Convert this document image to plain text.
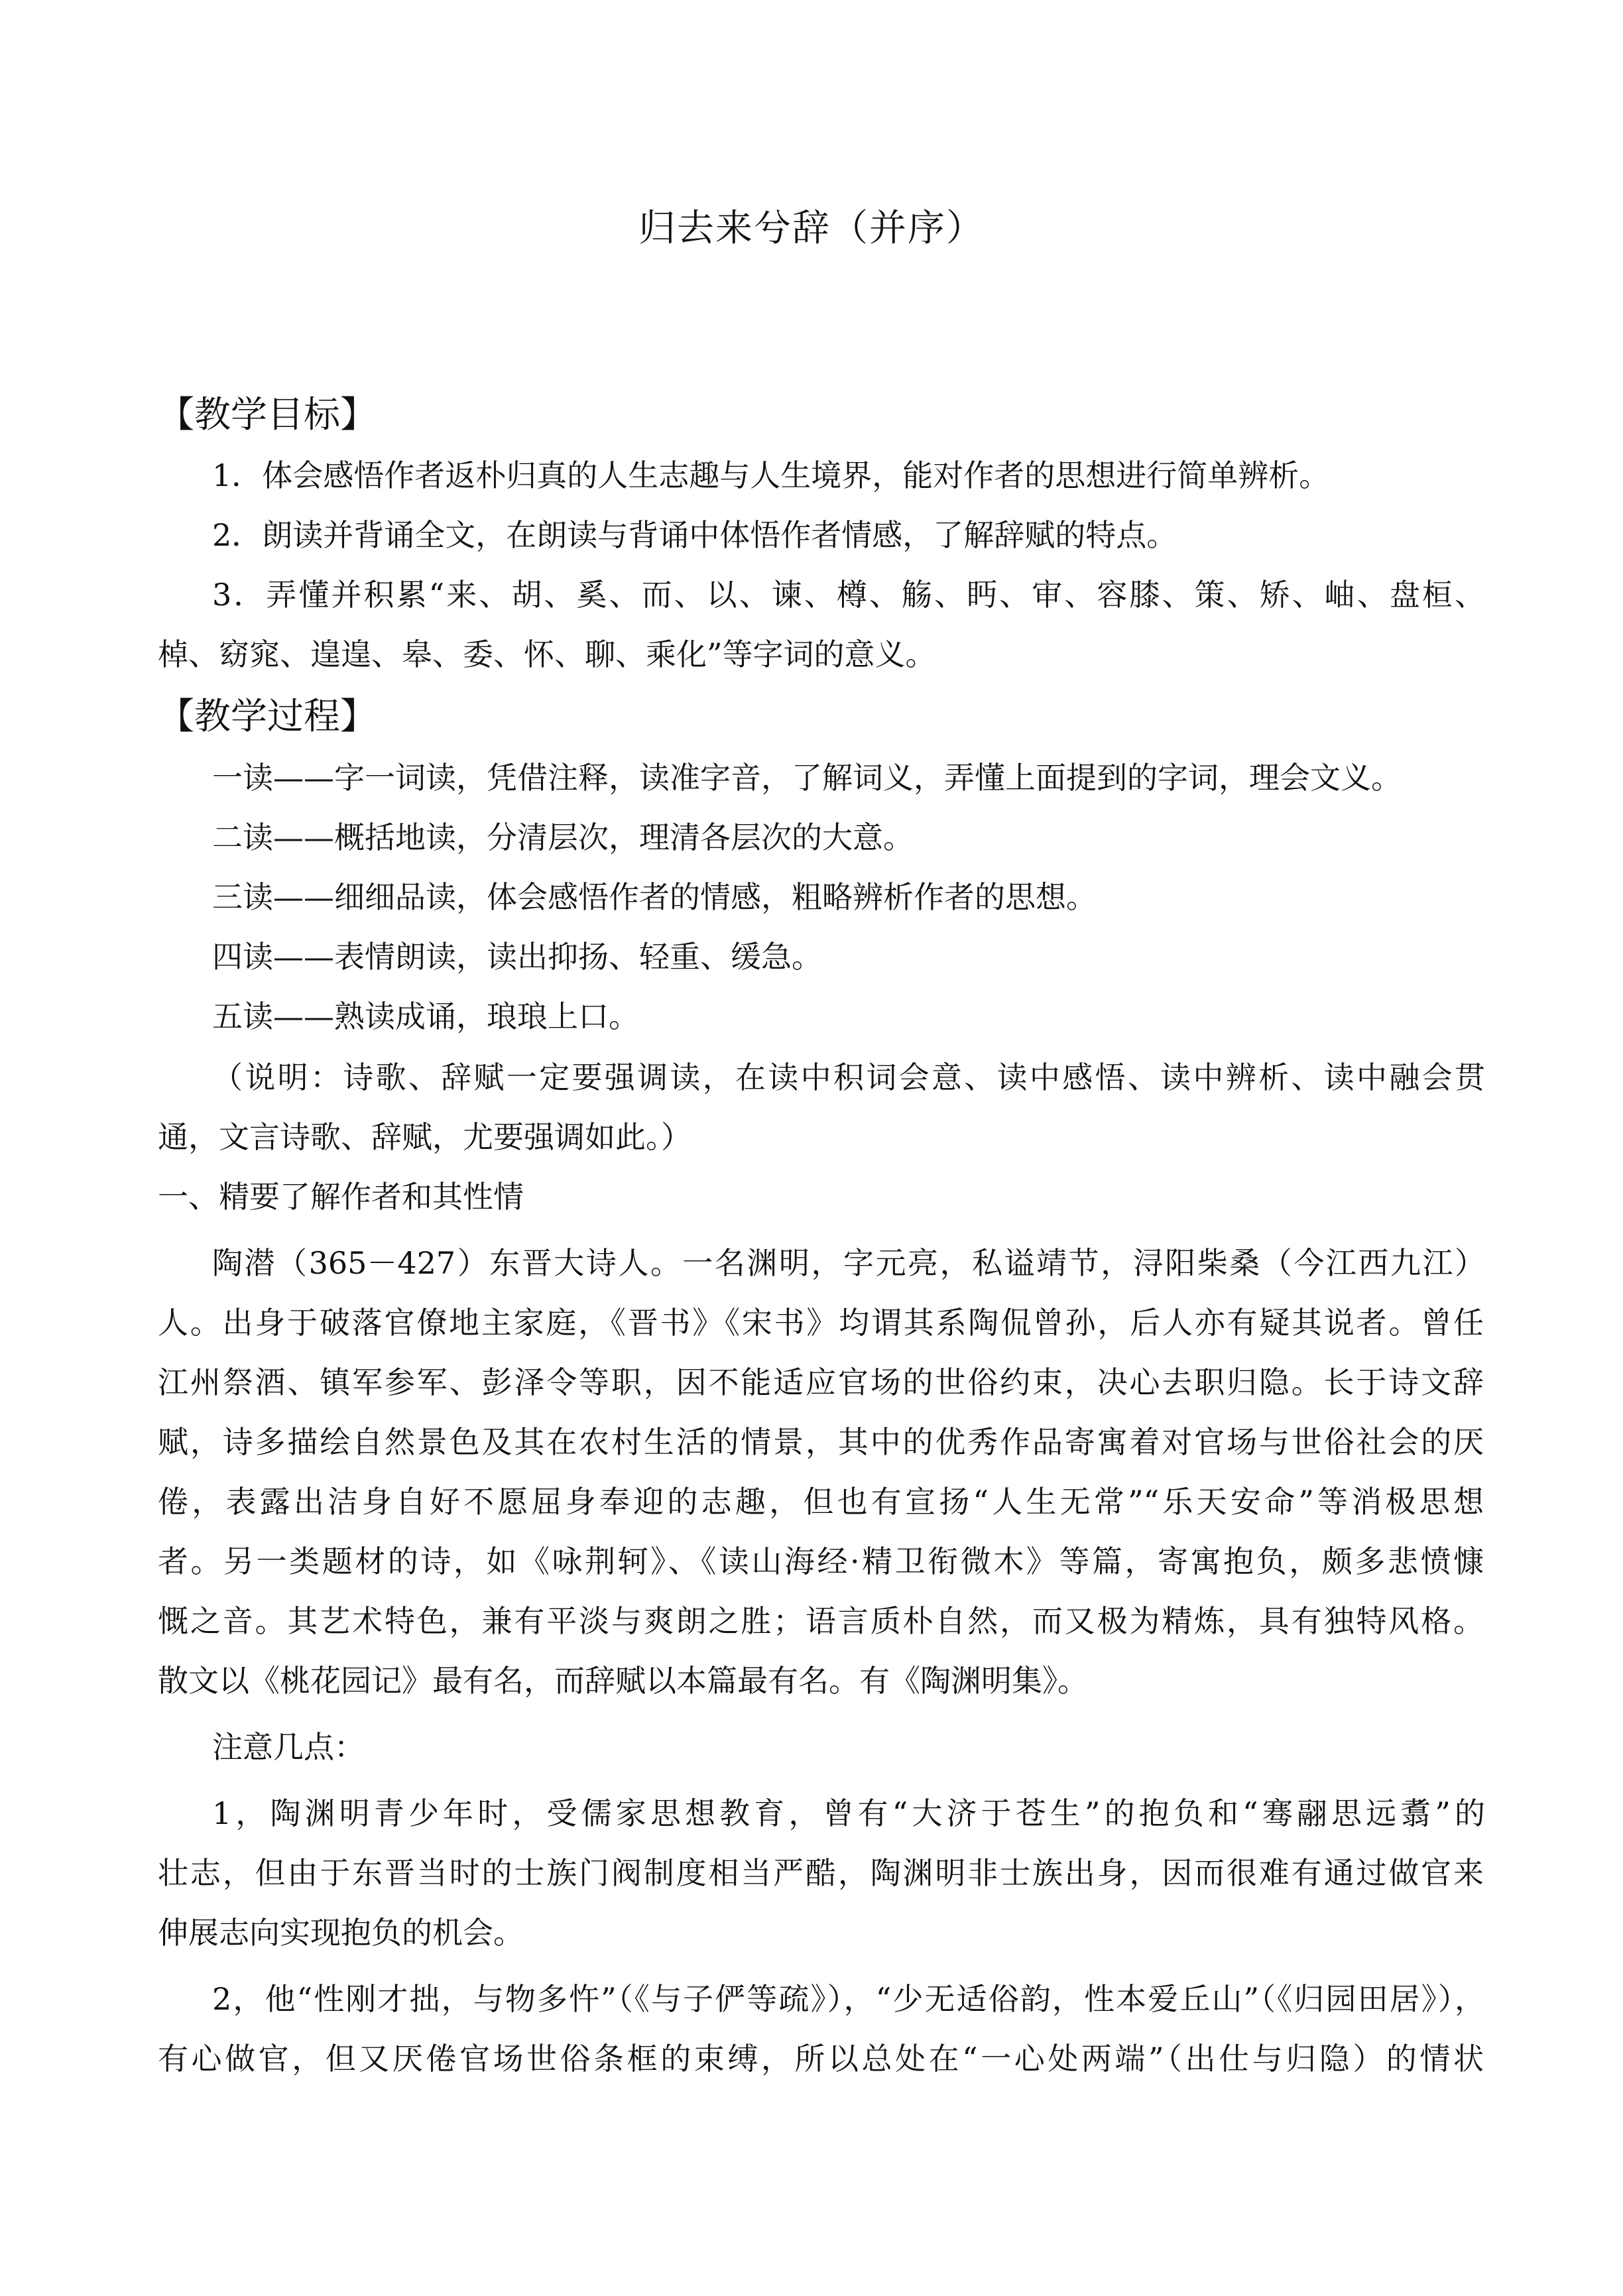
归去来兮辞（并序）
【教学目标】
1．体会感悟作者返朴归真的人生志趣与人生境界，能对作者的思想进行简单辨析。
2．朗读并背诵全文，在朗读与背诵中体悟作者情感，了解辞赋的特点。
3．弄懂并积累“来、胡、奚、而、以、谏、樽、觞、眄、审、容膝、策、矫、岫、盘桓、
棹、窈窕、遑遑、皋、委、怀、聊、乘化”等字词的意义。
【教学过程】
一读——字一词读，凭借注释，读准字音，了解词义，弄懂上面提到的字词，理会文义。
二读——概括地读，分清层次，理清各层次的大意。
三读——细细品读，体会感悟作者的情感，粗略辨析作者的思想。
四读——表情朗读，读出抑扬、轻重、缓急。
五读——熟读成诵，琅琅上口。
（说明：诗歌、辞赋一定要强调读，在读中积词会意、读中感悟、读中辨析、读中融会贯
通，文言诗歌、辞赋，尤要强调如此。）
一、精要了解作者和其性情
陶潜（365－427）东晋大诗人。一名渊明，字元亮，私谥靖节，浔阳柴桑（今江西九江）
人。出身于破落官僚地主家庭，《晋书》《宋书》均谓其系陶侃曾孙，后人亦有疑其说者。曾任
江州祭酒、镇军参军、彭泽令等职，因不能适应官场的世俗约束，决心去职归隐。长于诗文辞
赋，诗多描绘自然景色及其在农村生活的情景，其中的优秀作品寄寓着对官场与世俗社会的厌
倦，表露出洁身自好不愿屈身奉迎的志趣，但也有宣扬“人生无常”“乐天安命”等消极思想
者。另一类题材的诗，如《咏荆轲》、《读山海经·精卫衔微木》等篇，寄寓抱负，颇多悲愤慷
慨之音。其艺术特色，兼有平淡与爽朗之胜；语言质朴自然，而又极为精炼，具有独特风格。
散文以《桃花园记》最有名，而辞赋以本篇最有名。有《陶渊明集》。
注意几点：
1，陶渊明青少年时，受儒家思想教育，曾有“大济于苍生”的抱负和“骞翮思远翥”的
壮志，但由于东晋当时的士族门阀制度相当严酷，陶渊明非士族出身，因而很难有通过做官来
伸展志向实现抱负的机会。
2，他“性刚才拙，与物多忤”（《与子俨等疏》），“少无适俗韵，性本爱丘山”（《归园田居》），
有心做官，但又厌倦官场世俗条框的束缚，所以总处在“一心处两端”（出仕与归隐）的情状
